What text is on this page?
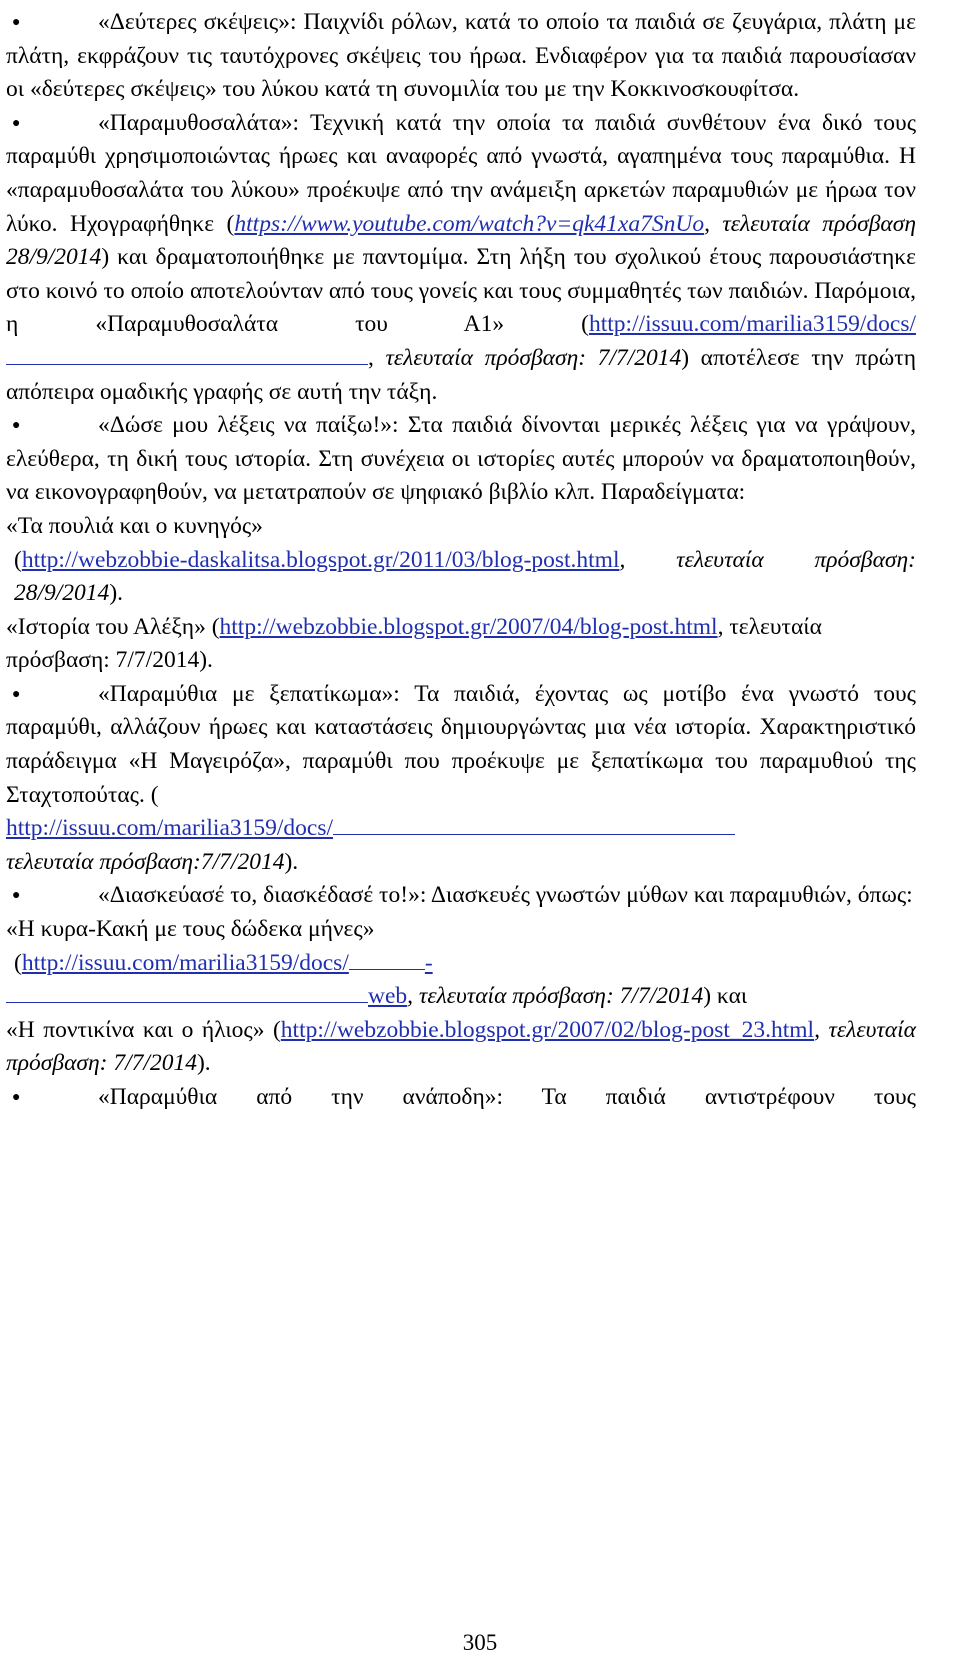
●	«Δεύτερες σκέψεις»: Παιχνίδι ρόλων, κατά το οποίο τα παιδιά σε ζευγάρια, πλάτη με πλάτη, εκφράζουν τις ταυτόχρονες σκέψεις του ήρωα. Ενδιαφέρον για τα παιδιά παρουσίασαν οι «δεύτερες σκέψεις» του λύκου κατά τη συνομιλία του με την Κοκκινοσκουφίτσα.

●	«Παραμυθοσαλάτα»: Τεχνική κατά την οποία τα παιδιά συνθέτουν ένα δικό τους παραμύθι χρησιμοποιώντας ήρωες και αναφορές από γνωστά, αγαπημένα τους παραμύθια. Η «παραμυθοσαλάτα του λύκου» προέκυψε από την ανάμειξη αρκετών παραμυθιών με ήρωα τον λύκο. Ηχογραφήθηκε (https://www.youtube.com/watch?v=qk41xa7SnUo, τελευταία πρόσβαση 28/9/2014) και δραματοποιήθηκε με παντομίμα. Στη λήξη του σχολικού έτους παρουσιάστηκε στο κοινό το οποίο αποτελούνταν από τους γονείς και τους συμμαθητές των παιδιών. Παρόμοια, η «Παραμυθοσαλάτα του Α1» (http://issuu.com/marilia3159/docs/, τελευταία πρόσβαση: 7/7/2014) αποτέλεσε την πρώτη απόπειρα ομαδικής γραφής σε αυτή την τάξη.

●	«Δώσε μου λέξεις να παίξω!»: Στα παιδιά δίνονται μερικές λέξεις για να γράψουν, ελεύθερα, τη δική τους ιστορία. Στη συνέχεια οι ιστορίες αυτές μπορούν να δραματοποιηθούν, να εικονογραφηθούν, να μετατραπούν σε ψηφιακό βιβλίο κλπ. Παραδείγματα:

«Τα πουλιά και ο κυνηγός»

(http://webzobbie-daskalitsa.blogspot.gr/2011/03/blog-post.html, τελευταία πρόσβαση: 28/9/2014).

«Ιστορία του Αλέξη» (http://webzobbie.blogspot.gr/2007/04/blog-post.html, τελευταία πρόσβαση: 7/7/2014).

●	«Παραμύθια με ξεπατίκωμα»: Τα παιδιά, έχοντας ως μοτίβο ένα γνωστό τους παραμύθι, αλλάζουν ήρωες και καταστάσεις δημιουργώντας μια νέα ιστορία. Χαρακτηριστικό παράδειγμα «Η Μαγειρόζα», παραμύθι που προέκυψε με ξεπατίκωμα του παραμυθιού της Σταχτοπούτας. (

http://issuu.com/marilia3159/docs/

τελευταία πρόσβαση:7/7/2014).

●	«Διασκεύασέ το, διασκέδασέ το!»: Διασκευές γνωστών μύθων και παραμυθιών, όπως:

«Η κυρα-Κακή με τους δώδεκα μήνες»

(http://issuu.com/marilia3159/docs/	-

web, τελευταία πρόσβαση: 7/7/2014) και

«Η ποντικίνα και ο ήλιος» (http://webzobbie.blogspot.gr/2007/02/blog-post_23.html, τελευταία πρόσβαση: 7/7/2014).

●	«Παραμύθια από την ανάποδη»: Τα παιδιά αντιστρέφουν τους

305
